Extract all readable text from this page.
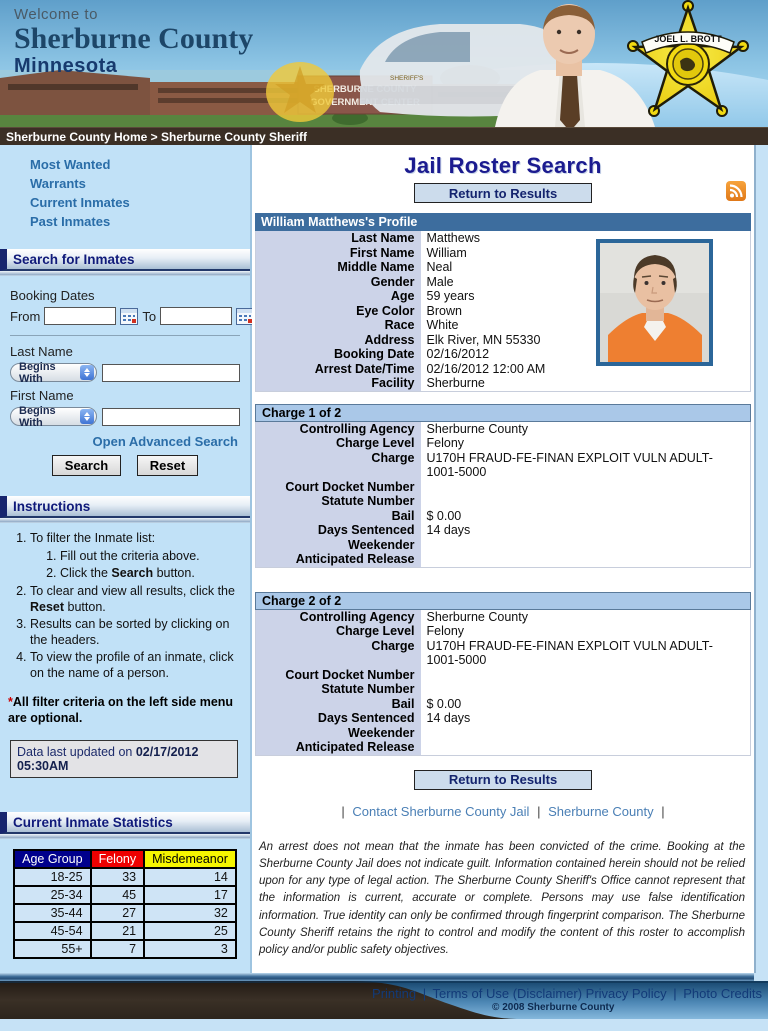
SHERBURNE
GOVERNMENT
SHERIFF'S
JOEL L. BROTT
Welcome to
Sherburne County
Minnesota
Sherburne County Home > Sherburne County Sheriff
Most Wanted
Warrants
Current Inmates
Past Inmates
Search for Inmates
Booking Dates
From	To
Last Name
Begins With
First Name
Begins With
Open Advanced Search
Search	Reset
Instructions
1. To filter the Inmate list:
1. Fill out the criteria above.
2. Click the Search button.
2. To clear and view all results, click the Reset button.
3. Results can be sorted by clicking on the headers.
4. To view the profile of an inmate, click on the name of a person.
*All filter criteria on the left side menu are optional.
Data last updated on 02/17/2012 05:30AM
Current Inmate Statistics
Age Group	Felony	Misdemeanor
18-25	33	14
25-34	45	17
35-44	27	32
45-54	21	25
55+	7	3
Jail Roster Search
Return to Results
William Matthews's Profile
Last Name	Matthews
First Name	William
Middle Name	Neal
Gender	Male
Age	59 years
Eye Color	Brown
Race	White
Address	Elk River, MN 55330
Booking Date	02/16/2012
Arrest Date/Time	02/16/2012 12:00 AM
Facility	Sherburne
Charge 1 of 2
Controlling Agency	Sherburne County
Charge Level	Felony
Charge	U170H FRAUD-FE-FINAN EXPLOIT VULN ADULT-1001-5000
Court Docket Number	
Statute Number	
Bail	$ 0.00
Days Sentenced	14 days
Weekender	
Anticipated Release	
Charge 2 of 2
Controlling Agency	Sherburne County
Charge Level	Felony
Charge	U170H FRAUD-FE-FINAN EXPLOIT VULN ADULT-1001-5000
Court Docket Number	
Statute Number	
Bail	$ 0.00
Days Sentenced	14 days
Weekender	
Anticipated Release	
Return to Results
| Contact Sherburne County Jail | Sherburne County |

An arrest does not mean that the inmate has been convicted of the crime. Booking at the Sherburne County Jail does not indicate guilt. Information contained herein should not be relied upon for any type of legal action. The Sherburne County Sheriff's Office cannot represent that the information is current, accurate or complete. Persons may use false identification information. True identity can only be confirmed through fingerprint comparison. The Sherburne County Sheriff retains the right to control and modify the content of this roster to accomplish policy and/or public safety objectives.

Printing | Terms of Use (Disclaimer) Privacy Policy | Photo Credits
© 2008 Sherburne County
